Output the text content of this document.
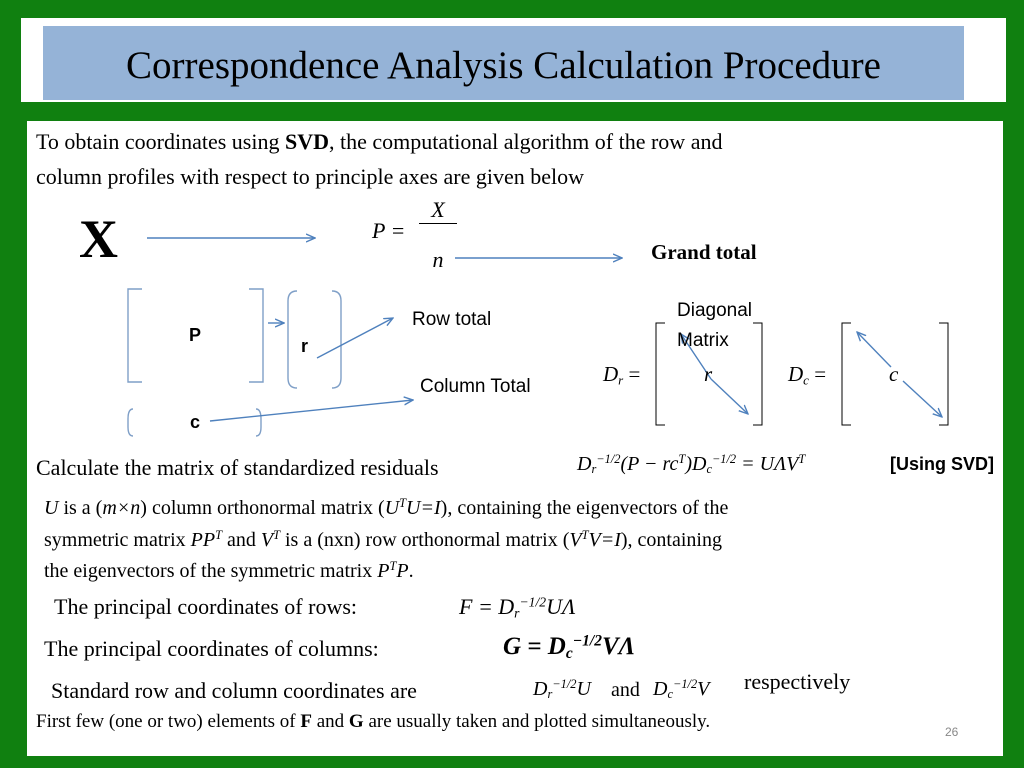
Correspondence Analysis Calculation Procedure
To obtain coordinates using SVD, the computational algorithm of the row and
column profiles with respect to principle axes are given below
X	P =
X
n	Grand total
P
r
c
Row total
Column Total
Diagonal
Matrix
$D_r$ =	r	$D_c$ =	c
Calculate the matrix of standardized residuals	$D_r^{-1/2}(P - rc^T)D_c^{-1/2} = U\Lambda V^T$	[Using SVD]
U is a (m×n) column orthonormal matrix $(U^TU=I)$, containing the eigenvectors of the
symmetric matrix $PP^T$ and $V^T$ is a (nxn) row orthonormal matrix $(V^TV=I)$, containing
the eigenvectors of the symmetric matrix $P^TP$.
The principal coordinates of rows:	$F = D_r^{-1/2}U\Lambda$
The principal coordinates of columns:	$G = D_c^{-1/2}V\Lambda$
Standard row and column coordinates are	$D_r^{-1/2}U$ and $D_c^{-1/2}V$ respectively
First few (one or two) elements of F and G are usually taken and plotted simultaneously.	26
